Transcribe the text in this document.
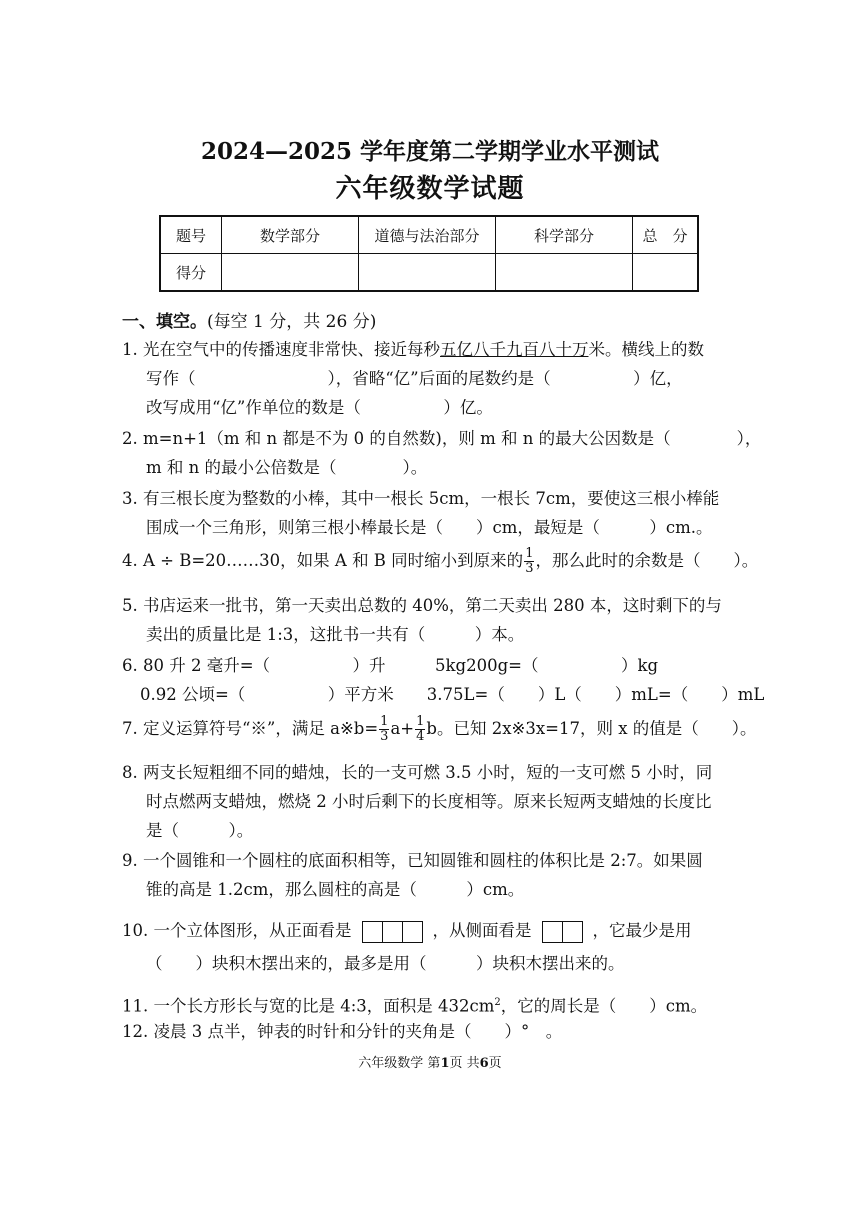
2024—2025 学年度第二学期学业水平测试
六年级数学试题
题号	数学部分	道德与法治部分	科学部分	总　分
得分				
一、填空。(每空 1 分，共 26 分)
1. 光在空气中的传播速度非常快、接近每秒五亿八千九百八十万米。横线上的数
写作（　　　　　　　　），省略“亿”后面的尾数约是（　　　　　）亿，
改写成用“亿”作单位的数是（　　　　　）亿。
2. m=n+1（m 和 n 都是不为 0 的自然数)，则 m 和 n 的最大公因数是（　　　　），
m 和 n 的最小公倍数是（　　　　）。
3. 有三根长度为整数的小棒，其中一根长 5cm，一根长 7cm，要使这三根小棒能
围成一个三角形，则第三根小棒最长是（　　）cm，最短是（　　　）cm.。
4. A ÷ B=20……30，如果 A 和 B 同时缩小到原来的 $\frac{1}{3}$ ，那么此时的余数是（　　）。
5. 书店运来一批书，第一天卖出总数的 40%，第二天卖出 280 本，这时剩下的与
卖出的质量比是 1:3，这批书一共有（　　　）本。
6. 80 升 2 毫升=（　　　　　）升　　　5kg200g=（　　　　　）kg
0.92 公顷=（　　　　　）平方米　　3.75L=（　　）L（　　）mL=（　　）mL
7. 定义运算符号“※”，满足 a※b= $\frac{1}{3} a+ \frac{1}{4}$ b。已知 2x※3x=17，则 x 的值是（　　）。
8. 两支长短粗细不同的蜡烛，长的一支可燃 3.5 小时，短的一支可燃 5 小时，同
时点燃两支蜡烛，燃烧 2 小时后剩下的长度相等。原来长短两支蜡烛的长度比
是（　　　）。
9. 一个圆锥和一个圆柱的底面积相等，已知圆锥和圆柱的体积比是 2:7。如果圆
锥的高是 1.2cm，那么圆柱的高是（　　　）cm。
10. 一个立体图形，从正面看是	，从侧面看是	，它最少是用
（　　）块积木摆出来的，最多是用（　　　）块积木摆出来的。
11. 一个长方形长与宽的比是 4:3，面积是 $432cm^2$，它的周长是（　　）cm。
12. 凌晨 3 点半，钟表的时针和分针的夹角是（　　）°　。
六年级数学 第1页 共6页
